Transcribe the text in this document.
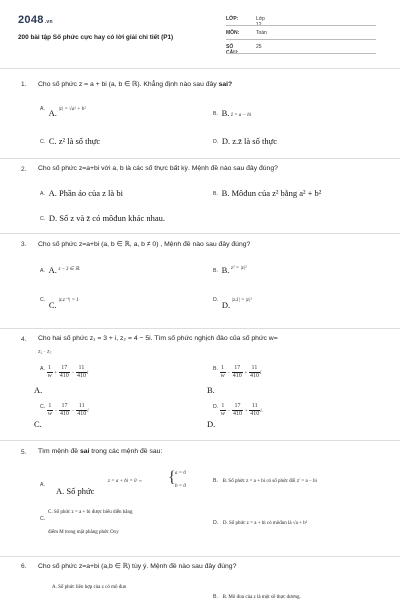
2048.vn
200 bài tập Số phức cực hay có lời giải chi tiết (P1)
LỚP:	Lớp 12
MÔN:	Toán
SỐ CÂU:
25
1. Cho số phức z = a + bi (a, b ∈ ℝ). Khẳng định nào sau đây sai?
A. A. $^{|z| = √a^2 + b^2}$
B. B. z̄ = a − bi
C. C. z² là số thực	D. D. z.z̄ là số thực
2. Cho số phức z=a+bi với a, b là các số thực bất kỳ. Mệnh đề nào sau đây đúng?
A. A. Phần ảo của z là bi	B. B. Môđun của z² bằng a² + b²
C. D. Số z và z̄ có môđun khác nhau.
3. Cho số phức z=a+bi (a, b ∈ ℝ, a, b ≠ 0) , Mệnh đề nào sau đây đúng?
A. A. $^{z - z̄ \in ℝ.}$	B. B. $^{z^2 = |z|^2}$
C. C. $^{|z.z^{-1}| = 1}$	D. D. $^{|z.z̄| = |z|^2}$
4. Cho hai số phức z₁ = 3 + i, z₂ = 4 − 5i. Tìm số phức nghịch đảo của số phức w=
z₁ · z₂
A. $\frac{1}{w} + \frac{17}{410} - \frac{11}{410}$ i
A.
B. $\frac{1}{w} - \frac{17}{410} + \frac{11}{410}$ i
B.
C. $\frac{1}{w} - \frac{17}{410} - \frac{11}{410}$ i
C.
D. $\frac{1}{w} - \frac{17}{410} + \frac{11}{410} i$.
D.
5. Tìm mệnh đề sai trong các mệnh đề sau:
A.
A. Số phức
z = a + bi = 0 ⇔ { a = 0
b = 0
B. B. Số phức z = a + bi có số phức đối z′ = a − bi
C.
C. Số phức z = a + bi được biểu diễn bằng
điểm M trong mặt phẳng phức Oxy
D. D. Số phức z = a + bi có môđun là √a + b²
6. Cho số phức z=a+bi (a,b ∈ ℝ) tùy ý. Mệnh đề nào sau đây đúng?
A. Số phức liên hợp của z có mô đun
B. B. Mô đun của z là một số thực dương.
